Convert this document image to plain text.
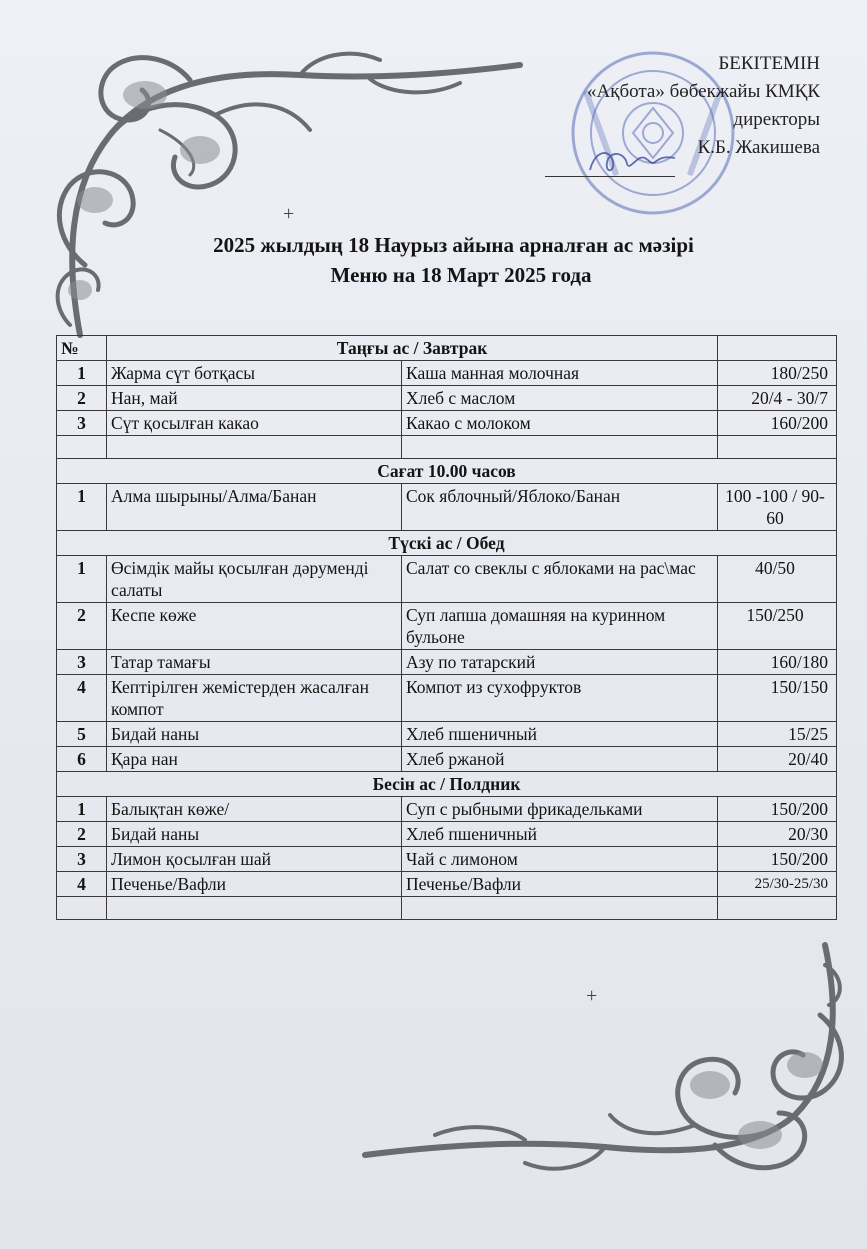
БЕКІТЕМІН
«Ақбота» бөбекжайы КМҚК
директоры
К.Б. Жакишева
+
+
2025 жылдың 18 Наурыз айына арналған ас мәзірі
Меню на 18 Март 2025 года
№	Таңғы ас / Завтрак		
1	Жарма сүт ботқасы	Каша манная молочная	180/250
2	Нан, май	Хлеб с маслом	20/4 - 30/7
3	Сүт қосылған какао	Какао с молоком	160/200

Сағат 10.00 часов			
1	Алма шырыны/Алма/Банан	Сок яблочный/Яблоко/Банан	100 -100 / 90-60
Түскі ас / Обед			
1	Өсімдік майы қосылған дәруменді салаты	Салат со свеклы с яблоками на рас\мас	40/50
2	Кеспе көже	Суп лапша домашняя на куринном бульоне	150/250
3	Татар тамағы	Азу по татарский	160/180
4	Кептірілген жемістерден жасалған компот	Компот из сухофруктов	150/150
5	Бидай наны	Хлеб пшеничный	15/25
6	Қара нан	Хлеб ржаной	20/40
Бесін ас / Полдник			
1	Балықтан көже/	Суп с рыбными фрикадельками	150/200
2	Бидай наны	Хлеб пшеничный	20/30
3	Лимон қосылған шай	Чай с лимоном	150/200
4	Печенье/Вафли	Печенье/Вафли	25/30-25/30
